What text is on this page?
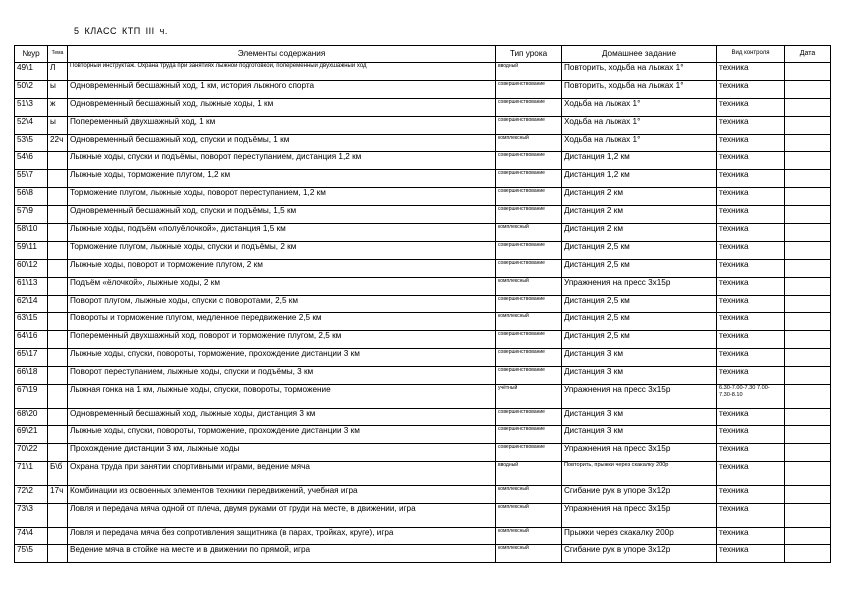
5 КЛАСС КТП III ч.
№ур	Тема	Элементы содержания	Тип урока	Домашнее задание	Вид контроля	Дата
49\1	Л	Повторный инструктаж. Охрана труда при занятиях лыжной подготовкой, попеременный двухшажный ход	вводный	Повторить, ходьба на лыжах 1°	техника	
50\2	ы	Одновременный бесшажный ход, 1 км, история лыжного спорта	совершенствование	Повторить, ходьба на лыжах 1°	техника	
51\3	ж	Одновременный бесшажный ход, лыжные ходы, 1 км	совершенствование	Ходьба на лыжах 1°	техника	
52\4	ы	Попеременный двухшажный ход, 1 км	совершенствование	Ходьба на лыжах 1°	техника	
53\5	22ч	Одновременный бесшажный ход, спуски и подъёмы, 1 км	комплексный	Ходьба на лыжах 1°	техника	
54\6		Лыжные ходы, спуски и подъёмы, поворот переступанием, дистанция 1,2 км	совершенствование	Дистанция 1,2 км	техника	
55\7		Лыжные ходы, торможение плугом, 1,2 км	совершенствование	Дистанция 1,2 км	техника	
56\8		Торможение плугом, лыжные ходы, поворот переступанием, 1,2 км	совершенствование	Дистанция 2 км	техника	
57\9		Одновременный бесшажный ход, спуски и подъёмы, 1,5 км	совершенствование	Дистанция 2 км	техника	
58\10		Лыжные ходы, подъём «полуёлочкой», дистанция 1,5 км	комплексный	Дистанция 2 км	техника	
59\11		Торможение плугом, лыжные ходы, спуски и подъёмы, 2 км	совершенствование	Дистанция 2,5 км	техника	
60\12		Лыжные ходы, поворот и торможение плугом, 2 км	совершенствование	Дистанция 2,5 км	техника	
61\13		Подъём «ёлочкой», лыжные ходы, 2 км	комплексный	Упражнения на пресс 3х15р	техника	
62\14		Поворот плугом, лыжные ходы, спуски с поворотами, 2,5 км	совершенствование	Дистанция 2,5 км	техника	
63\15		Повороты и торможение плугом, медленное передвижение 2,5 км	комплексный	Дистанция 2,5 км	техника	
64\16		Попеременный двухшажный ход, поворот и торможение плугом, 2,5 км	совершенствование	Дистанция 2,5 км	техника	
65\17		Лыжные ходы, спуски, повороты, торможение, прохождение дистанции 3 км	совершенствование	Дистанция 3 км	техника	
66\18		Поворот переступанием, лыжные ходы, спуски и подъёмы, 3 км	совершенствование	Дистанция 3 км	техника	
67\19		Лыжная гонка на 1 км, лыжные ходы, спуски, повороты, торможение	учётный	Упражнения на пресс 3х15р	6.30-7.00-7.30 7.00-7.30-8.10	
68\20		Одновременный бесшажный ход, лыжные ходы, дистанция 3 км	совершенствование	Дистанция 3 км	техника	
69\21		Лыжные ходы, спуски, повороты, торможение, прохождение дистанции 3 км	совершенствование	Дистанция 3 км	техника	
70\22		Прохождение дистанции 3 км, лыжные ходы	совершенствование	Упражнения на пресс 3х15р	техника	
71\1	Б\б	Охрана труда при занятии спортивными играми, ведение мяча	вводный	Повторить, прыжки через скакалку 200р	техника	
72\2	17ч	Комбинации из освоенных элементов техники передвижений, учебная игра	комплексный	Сгибание рук в упоре 3х12р	техника	
73\3		Ловля и передача мяча одной от плеча, двумя руками от груди на месте, в движении, игра	комплексный	Упражнения на пресс 3х15р	техника	
74\4		Ловля и передача мяча без сопротивления защитника (в парах, тройках, круге), игра	комплексный	Прыжки через скакалку 200р	техника	
75\5		Ведение мяча в стойке на месте и в движении по прямой, игра	комплексный	Сгибание рук в упоре 3х12р	техника	
